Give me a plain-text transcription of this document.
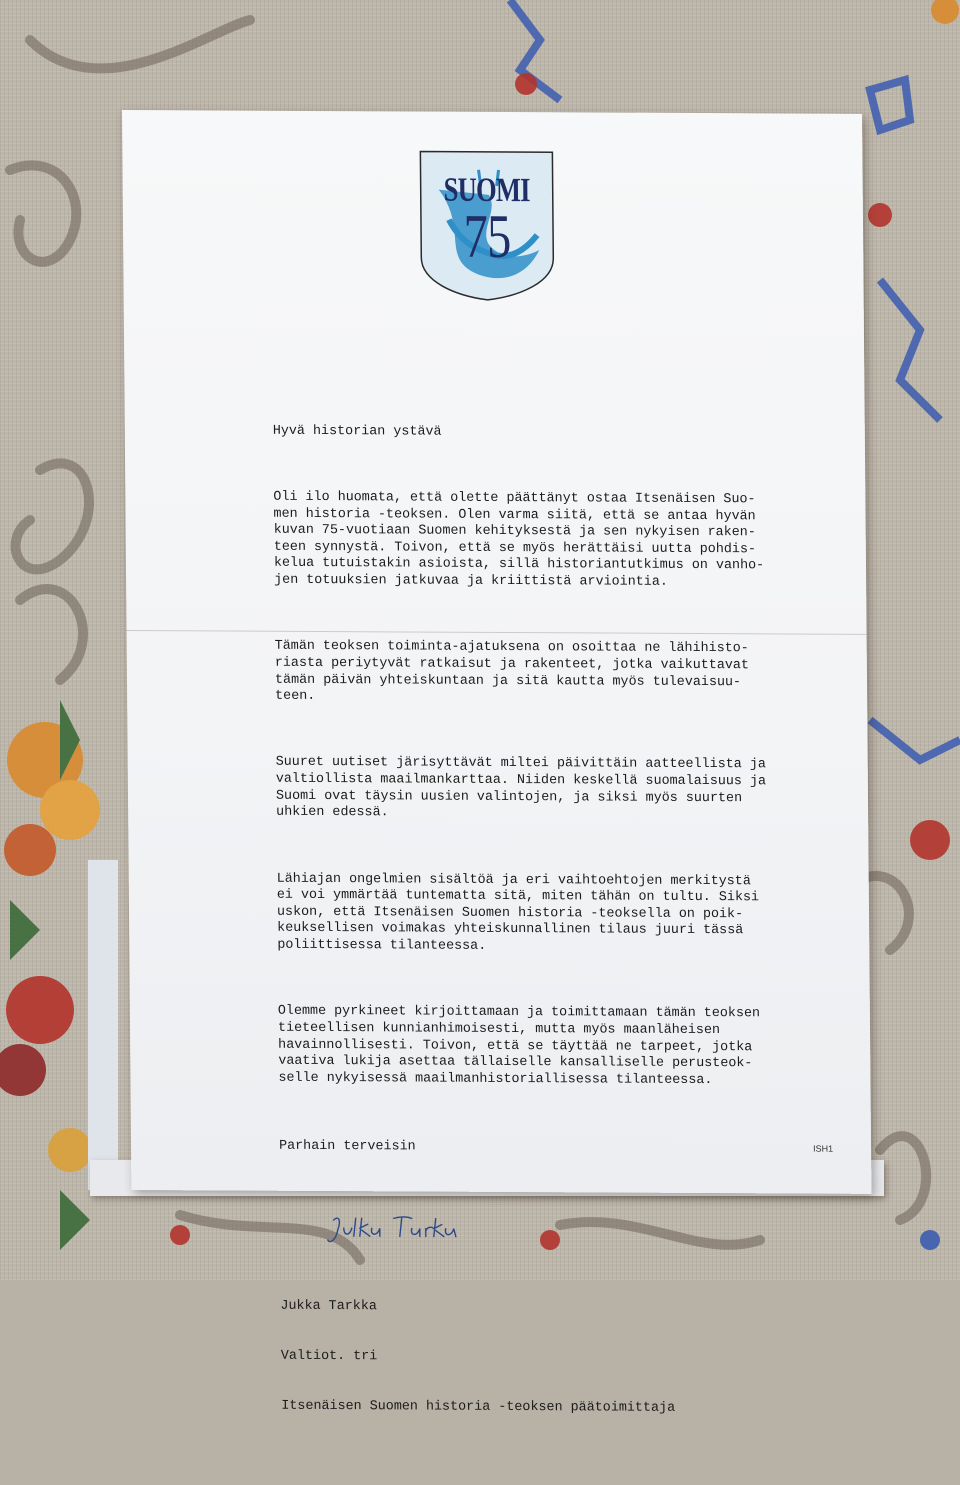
SUOMI
75

Hyvä historian ystävä

Oli ilo huomata, että olette päättänyt ostaa Itsenäisen Suo-
men historia -teoksen. Olen varma siitä, että se antaa hyvän
kuvan 75-vuotiaan Suomen kehityksestä ja sen nykyisen raken-
teen synnystä. Toivon, että se myös herättäisi uutta pohdis-
kelua tutuistakin asioista, sillä historiantutkimus on vanho-
jen totuuksien jatkuvaa ja kriittistä arviointia.

Tämän teoksen toiminta-ajatuksena on osoittaa ne lähihisto-
riasta periytyvät ratkaisut ja rakenteet, jotka vaikuttavat
tämän päivän yhteiskuntaan ja sitä kautta myös tulevaisuu-
teen.

Suuret uutiset järisyttävät miltei päivittäin aatteellista ja
valtiollista maailmankarttaa. Niiden keskellä suomalaisuus ja
Suomi ovat täysin uusien valintojen, ja siksi myös suurten
uhkien edessä.

Lähiajan ongelmien sisältöä ja eri vaihtoehtojen merkitystä
ei voi ymmärtää tuntematta sitä, miten tähän on tultu. Siksi
uskon, että Itsenäisen Suomen historia -teoksella on poik-
keuksellisen voimakas yhteiskunnallinen tilaus juuri tässä
poliittisessa tilanteessa.

Olemme pyrkineet kirjoittamaan ja toimittamaan tämän teoksen
tieteellisen kunnianhimoisesti, mutta myös maanläheisen
havainnollisesti. Toivon, että se täyttää ne tarpeet, jotka
vaativa lukija asettaa tällaiselle kansalliselle perusteok-
selle nykyisessä maailmanhistoriallisessa tilanteessa.

Parhain terveisin

Jukka Tarkka

Valtiot. tri

Itsenäisen Suomen historia -teoksen päätoimittaja

ISH1
